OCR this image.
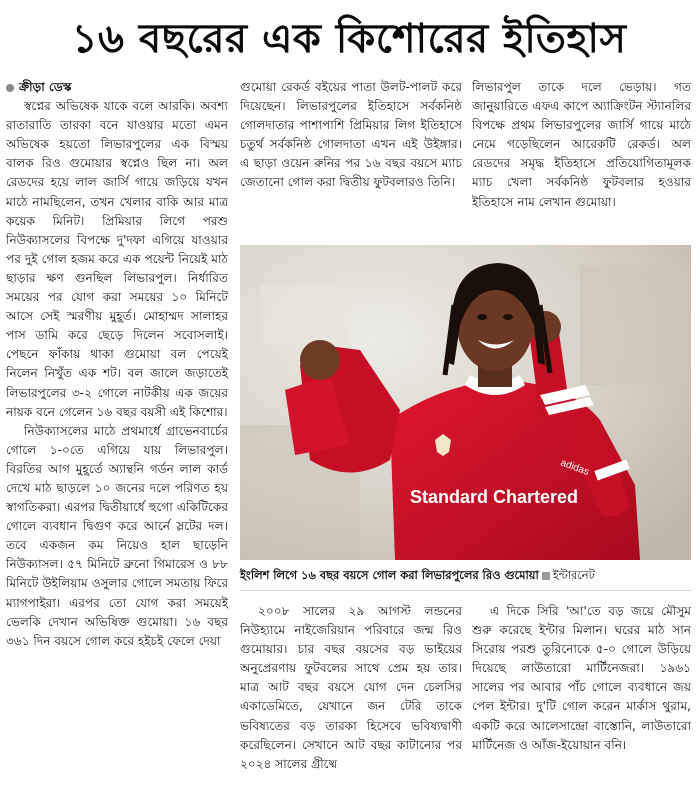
১৬ বছরের এক কিশোরের ইতিহাস

ক্রীড়া ডেস্ক

স্বপ্নের অভিষেক যাকে বলে আরকি। অবশ্য রাতারাতি তারকা বনে যাওয়ার মতো এমন অভিষেক হয়তো লিভারপুলের এক বিস্ময় বালক রিও গুমোয়ার স্বপ্নেও ছিল না। অল রেডদের হয়ে লাল জার্সি গায়ে জড়িয়ে যখন মাঠে নামছিলেন, তখন খেলার বাকি আর মাত্র কয়েক মিনিট। প্রিমিয়ার লিগে পরশু নিউক্যাসলের বিপক্ষে দু'দফা এগিয়ে যাওয়ার পর দুই গোল হজম করে এক পয়েন্ট নিয়েই মাঠ ছাড়ার ক্ষণ গুনছিল লিভারপুল। নির্ধারিত সময়ের পর যোগ করা সময়ের ১০ মিনিটে আসে সেই স্মরণীয় মুহূর্ত। মোহাম্মদ সালাহর পাস ডামি করে ছেড়ে দিলেন সবোসলাই। পেছনে ফাঁকায় থাকা গুমোয়া বল পেয়েই নিলেন নিখুঁত এক শট। বল জালে জড়াতেই লিভারপুলের ৩-২ গোলে নাটকীয় এক জয়ের নায়ক বনে গেলেন ১৬ বছর বয়সী এই কিশোর।

নিউক্যাসলের মাঠে প্রথমার্ধে গ্রাভেনবার্চের গোলে ১-০তে এগিয়ে যায় লিভারপুল। বিরতির আগ মুহূর্তে অ্যান্থনি গর্ডন লাল কার্ড দেখে মাঠ ছাড়লে ১০ জনের দলে পরিণত হয় স্বাগতিকরা। এরপর দ্বিতীয়ার্ধে হুগো একিটিকের গোলে ব্যবধান দ্বিগুণ করে আর্নে স্লটের দল। তবে একজন কম নিয়েও হাল ছাড়েনি নিউক্যাসল। ৫৭ মিনিটে ব্রুনো গিমারেস ও ৮৮ মিনিটে উইলিয়াম ওসুলার গোলে সমতায় ফিরে ম্যাগপাইরা। এরপর তো যোগ করা সময়েই ভেলকি দেখান অভিষিক্ত গুমোয়া। ১৬ বছর ৩৬১ দিন বয়সে গোল করে হইচই ফেলে দেয়া

গুমোয়া রেকর্ড বইয়ের পাতা উলট-পালট করে দিয়েছেন। লিভারপুলের ইতিহাসে সর্বকনিষ্ঠ গোলদাতার পাশাপাশি প্রিমিয়ার লিগ ইতিহাসে চতুর্থ সর্বকনিষ্ঠ গোলদাতা এখন এই উইঙ্গার। এ ছাড়া ওয়েন রুনির পর ১৬ বছর বয়সে ম্যাচ জেতানো গোল করা দ্বিতীয় ফুটবলারও তিনি।

লিভারপুল তাকে দলে ভেড়ায়। গত জানুয়ারিতে এফএ কাপে অ্যাক্রিংটন স্ট্যানলির বিপক্ষে প্রথম লিভারপুলের জার্সি গায়ে মাঠে নেমে গড়েছিলেন আরেকটি রেকর্ড। অল রেডদের সমৃদ্ধ ইতিহাসে প্রতিযোগিতামূলক ম্যাচ খেলা সর্বকনিষ্ঠ ফুটবলার হওয়ার ইতিহাসে নাম লেখান গুমোয়া।

Standard Chartered
adidas
ইংলিশ লিগে ১৬ বছর বয়সে গোল করা লিভারপুলের রিও গুমোয়া ইন্টারনেট

২০০৮ সালের ২৯ আগস্ট লন্ডনের নিউহ্যামে নাইজেরিয়ান পরিবারে জন্ম রিও গুমোয়ার। চার বছর বয়সের বড় ভাইয়ের অনুপ্রেরণায় ফুটবলের সাথে প্রেম হয় তার। মাত্র আট বছর বয়সে যোগ দেন চেলসির একাডেমিতে, যেখানে জন টেরি তাকে ভবিষ্যতের বড় তারকা হিসেবে ভবিষ্যদ্বাণী করেছিলেন। সেখানে আট বছর কাটানোর পর ২০২৪ সালের গ্রীষ্মে

এ দিকে সিরি 'আ'তে বড় জয়ে মৌসুম শুরু করেছে ইন্টার মিলান। ঘরের মাঠ সান সিরোয় পরশু তুরিনোকে ৫-০ গোলে উড়িয়ে দিয়েছে লাউতারো মার্টিনেজরা। ১৯৬১ সালের পর আবার পাঁচ গোলে ব্যবধানে জয় পেল ইন্টার। দু'টি গোল করেন মার্কাস থুরাম, একটি করে আলেসান্দ্রো বাস্তোনি, লাউতারো মার্টিনেজ ও আঁজ-ইয়োয়ান বনি।
